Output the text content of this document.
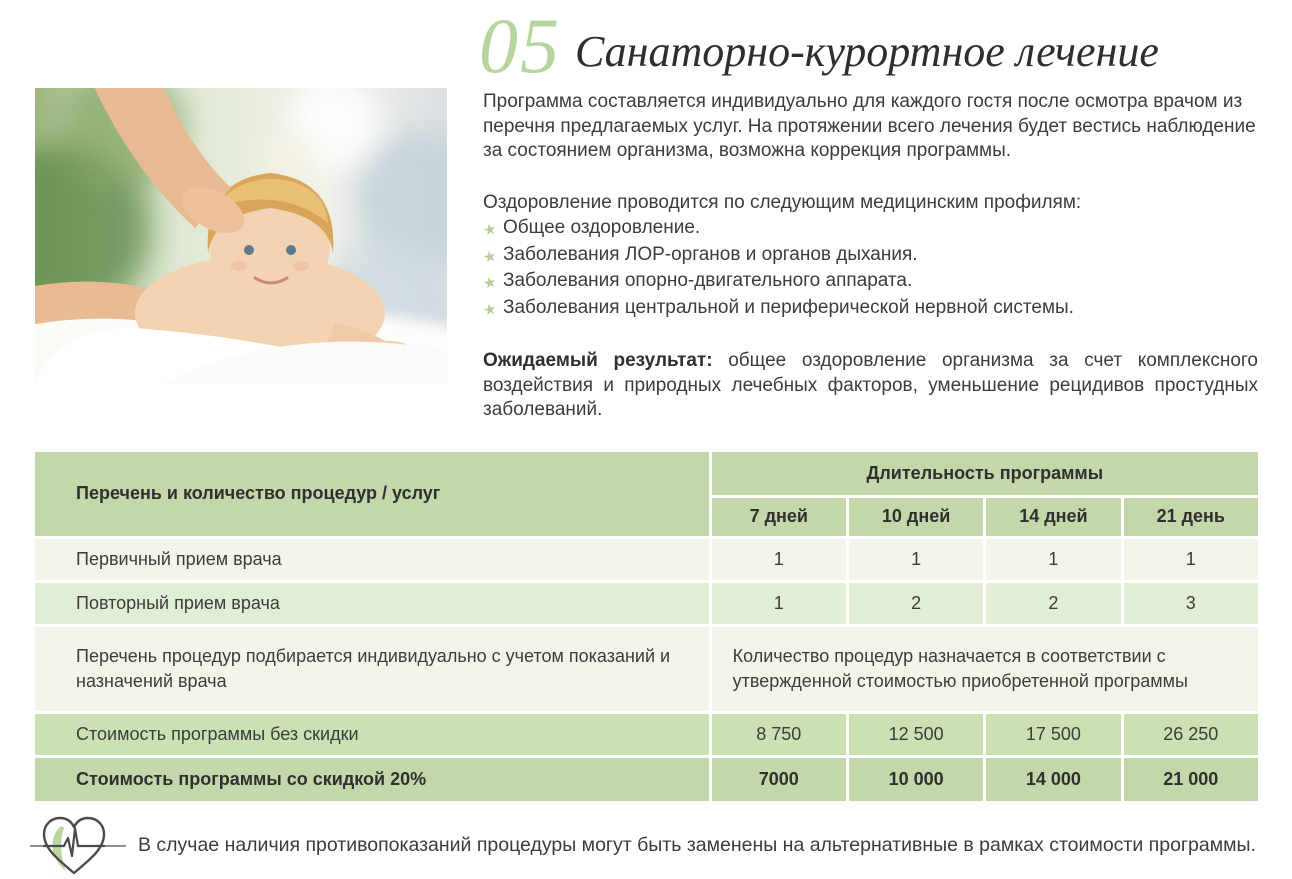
05 Санаторно-курортное лечение

Программа составляется индивидуально для каждого гостя после осмотра врачом из перечня предлагаемых услуг. На протяжении всего лечения будет вестись наблюдение за состоянием организма, возможна коррекция программы.

Оздоровление проводится по следующим медицинским профилям:

★ Общее оздоровление.
★ Заболевания ЛОР-органов и органов дыхания.
★ Заболевания опорно-двигательного аппарата.
★ Заболевания центральной и периферической нервной системы.

Ожидаемый результат: общее оздоровление организма за счет комплексного воздействия и природных лечебных факторов, уменьшение рецидивов простудных заболеваний.

Перечень и количество процедур / услуг	Длительность программы			
	7 дней	10 дней	14 дней	21 день
Первичный прием врача	1	1	1	1
Повторный прием врача	1	2	2	3
Перечень процедур подбирается индивидуально с учетом показаний и назначений врача	Количество процедур назначается в соответствии с утвержденной стоимостью приобретенной программы			
Стоимость программы без скидки	8 750	12 500	17 500	26 250
Стоимость программы со скидкой 20%	7000	10 000	14 000	21 000
В случае наличия противопоказаний процедуры могут быть заменены на альтернативные в рамках стоимости программы.
